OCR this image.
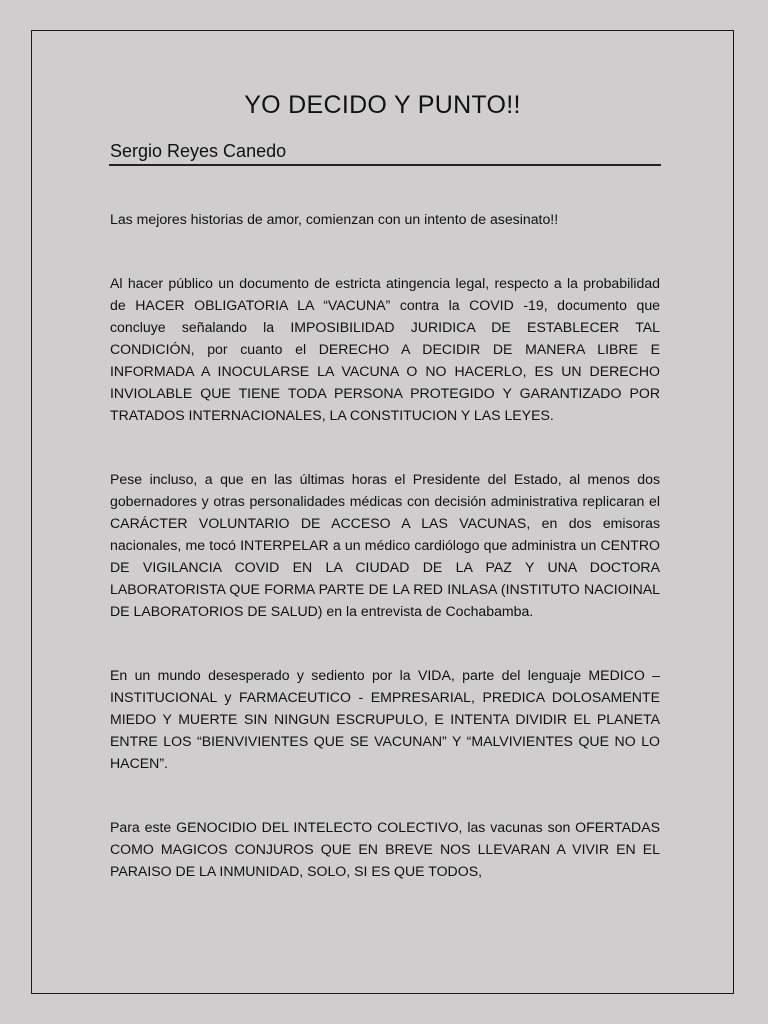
YO DECIDO Y PUNTO!!
Sergio Reyes Canedo

Las mejores historias de amor, comienzan con un intento de asesinato!!

Al hacer público un documento de estricta atingencia legal, respecto a la probabilidad de HACER OBLIGATORIA LA “VACUNA” contra la COVID -19, documento que concluye señalando la IMPOSIBILIDAD JURIDICA DE ESTABLECER TAL CONDICIÓN, por cuanto el DERECHO A DECIDIR DE MANERA LIBRE E INFORMADA A INOCULARSE LA VACUNA O NO HACERLO, ES UN DERECHO INVIOLABLE QUE TIENE TODA PERSONA PROTEGIDO Y GARANTIZADO POR TRATADOS INTERNACIONALES, LA CONSTITUCION Y LAS LEYES.

Pese incluso, a que en las últimas horas el Presidente del Estado, al menos dos gobernadores y otras personalidades médicas con decisión administrativa replicaran el CARÁCTER VOLUNTARIO DE ACCESO A LAS VACUNAS, en dos emisoras nacionales, me tocó INTERPELAR a un médico cardiólogo que administra un CENTRO DE VIGILANCIA COVID EN LA CIUDAD DE LA PAZ Y UNA DOCTORA LABORATORISTA QUE FORMA PARTE DE LA RED INLASA (INSTITUTO NACIOINAL DE LABORATORIOS DE SALUD) en la entrevista de Cochabamba.

En un mundo desesperado y sediento por la VIDA, parte del lenguaje MEDICO – INSTITUCIONAL y FARMACEUTICO - EMPRESARIAL, PREDICA DOLOSAMENTE MIEDO Y MUERTE SIN NINGUN ESCRUPULO, E INTENTA DIVIDIR EL PLANETA ENTRE LOS “BIENVIVIENTES QUE SE VACUNAN” Y “MALVIVIENTES QUE NO LO HACEN”.

Para este GENOCIDIO DEL INTELECTO COLECTIVO, las vacunas son OFERTADAS COMO MAGICOS CONJUROS QUE EN BREVE NOS LLEVARAN A VIVIR EN EL PARAISO DE LA INMUNIDAD, SOLO, SI ES QUE TODOS,
